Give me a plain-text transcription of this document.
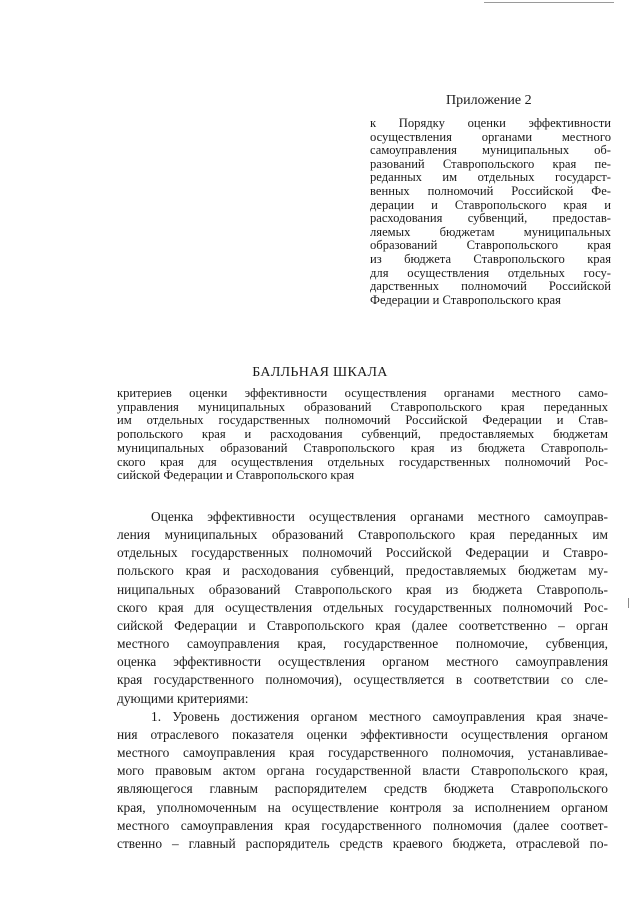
Приложение 2
к Порядку оценки эффективности
осуществления органами местного
самоуправления муниципальных об-
разований Ставропольского края пе-
реданных им отдельных государст-
венных полномочий Российской Фе-
дерации и Ставропольского края и
расходования субвенций, предостав-
ляемых бюджетам муниципальных
образований Ставропольского края
из бюджета Ставропольского края
для осуществления отдельных госу-
дарственных полномочий Российской
Федерации и Ставропольского края
БАЛЛЬНАЯ ШКАЛА
критериев оценки эффективности осуществления органами местного само-
управления муниципальных образований Ставропольского края переданных
им отдельных государственных полномочий Российской Федерации и Став-
ропольского края и расходования субвенций, предоставляемых бюджетам
муниципальных образований Ставропольского края из бюджета Ставрополь-
ского края для осуществления отдельных государственных полномочий Рос-
сийской Федерации и Ставропольского края
Оценка эффективности осуществления органами местного самоуправ-
ления муниципальных образований Ставропольского края переданных им
отдельных государственных полномочий Российской Федерации и Ставро-
польского края и расходования субвенций, предоставляемых бюджетам му-
ниципальных образований Ставропольского края из бюджета Ставрополь-
ского края для осуществления отдельных государственных полномочий Рос-
сийской Федерации и Ставропольского края (далее соответственно – орган
местного самоуправления края, государственное полномочие, субвенция,
оценка эффективности осуществления органом местного самоуправления
края государственного полномочия), осуществляется в соответствии со сле-
дующими критериями:
1. Уровень достижения органом местного самоуправления края значе-
ния отраслевого показателя оценки эффективности осуществления органом
местного самоуправления края государственного полномочия, устанавливае-
мого правовым актом органа государственной власти Ставропольского края,
являющегося главным распорядителем средств бюджета Ставропольского
края, уполномоченным на осуществление контроля за исполнением органом
местного самоуправления края государственного полномочия (далее соответ-
ственно – главный распорядитель средств краевого бюджета, отраслевой по-
